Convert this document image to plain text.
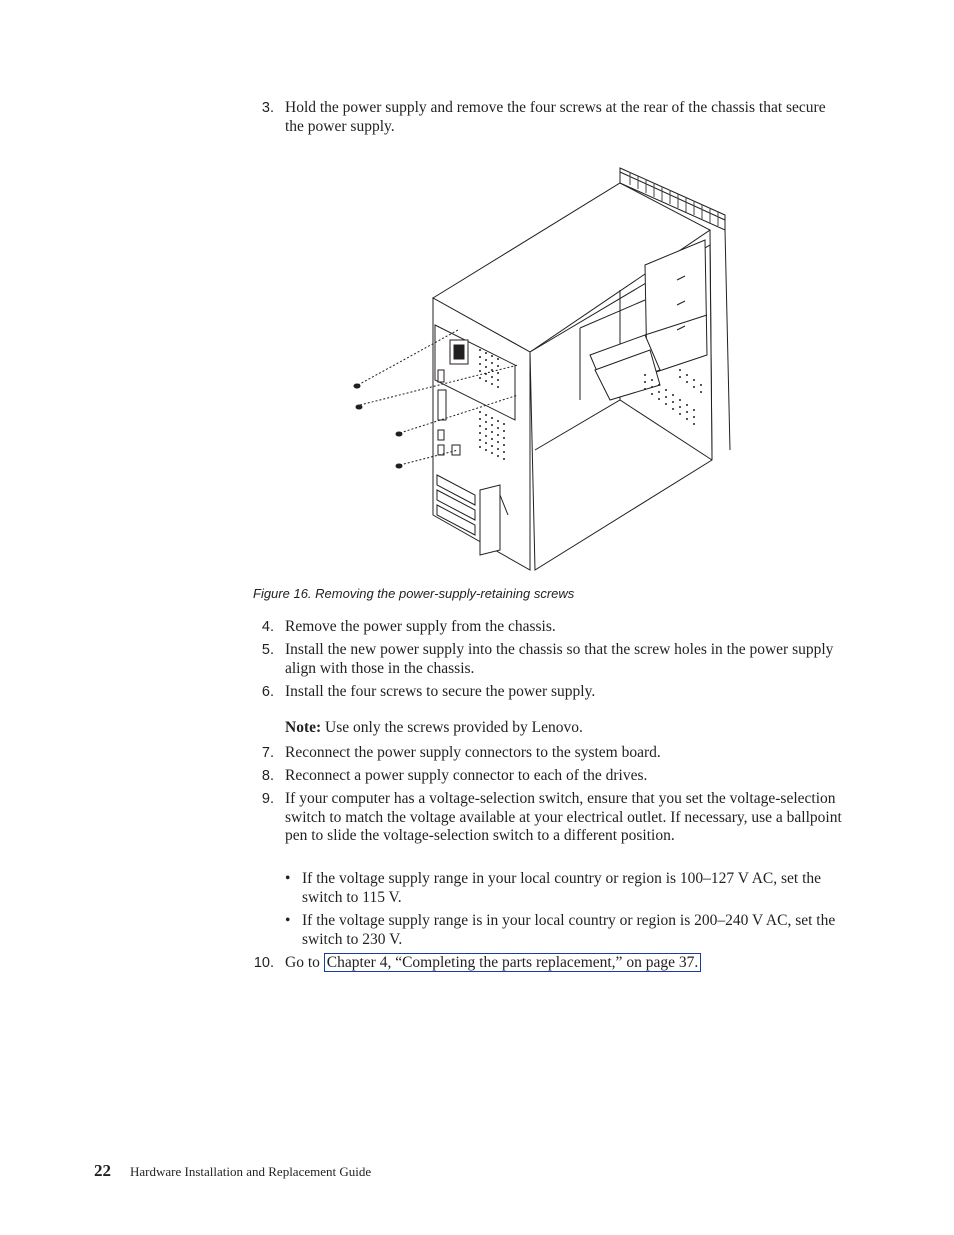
3. Hold the power supply and remove the four screws at the rear of the chassis that secure the power supply.
Figure 16. Removing the power-supply-retaining screws
4. Remove the power supply from the chassis.
5. Install the new power supply into the chassis so that the screw holes in the power supply align with those in the chassis.
6. Install the four screws to secure the power supply.
Note: Use only the screws provided by Lenovo.
7. Reconnect the power supply connectors to the system board.
8. Reconnect a power supply connector to each of the drives.
9. If your computer has a voltage-selection switch, ensure that you set the voltage-selection switch to match the voltage available at your electrical outlet. If necessary, use a ballpoint pen to slide the voltage-selection switch to a different position.
• If the voltage supply range in your local country or region is 100–127 V AC, set the switch to 115 V.
• If the voltage supply range is in your local country or region is 200–240 V AC, set the switch to 230 V.
10. Go to Chapter 4, “Completing the parts replacement,” on page 37.
22 Hardware Installation and Replacement Guide
